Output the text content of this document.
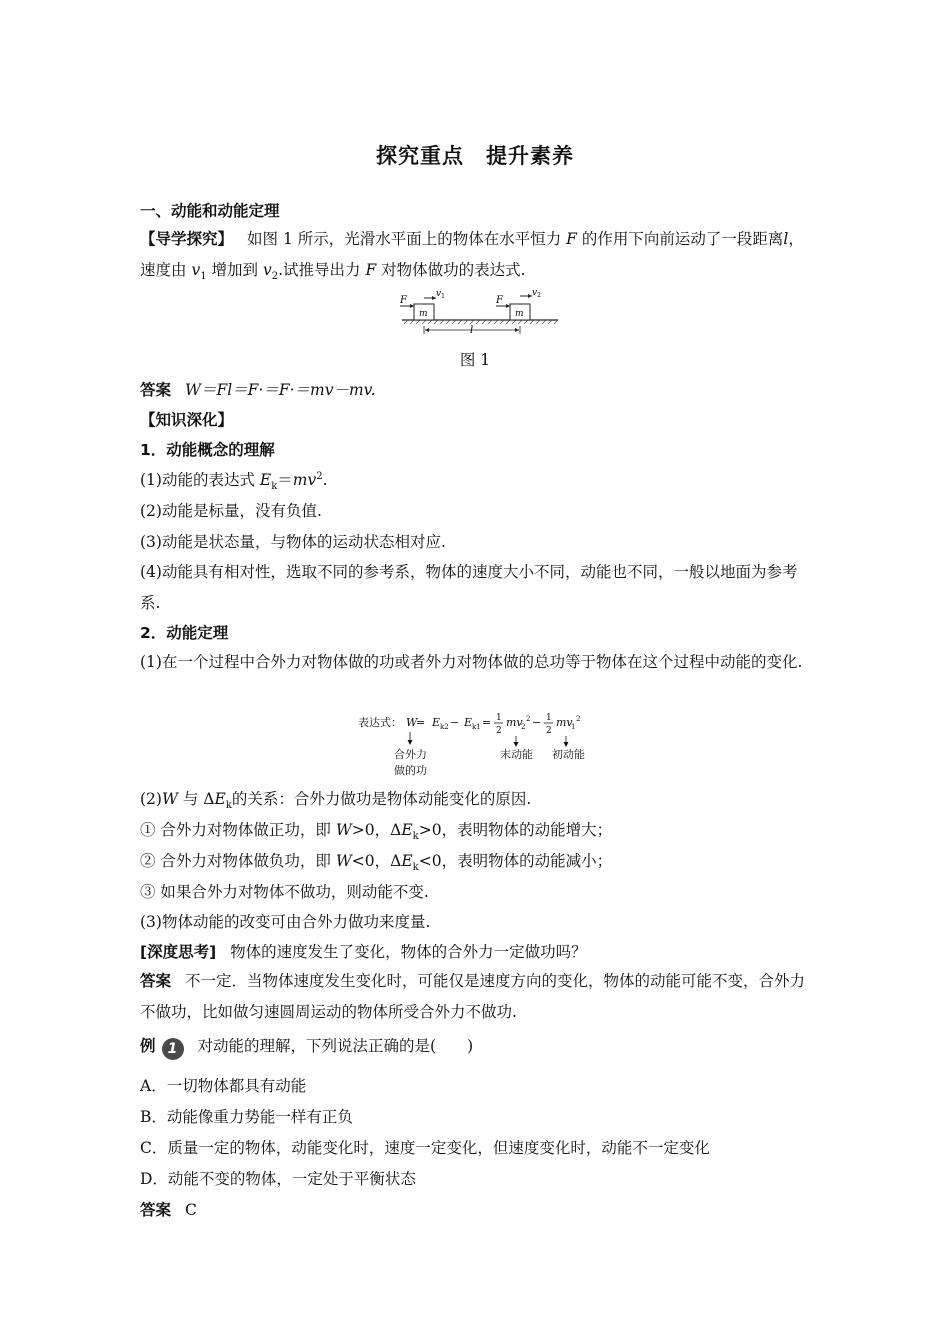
探究重点　提升素养
一、动能和动能定理
【导学探究】 如图 1 所示，光滑水平面上的物体在水平恒力 F 的作用下向前运动了一段距离l，速度由 $v_1$ 增加到 $v_2$.试推导出力 F 对物体做功的表达式.
F	F
m	m
$v_1$	$v_2$
l
图 1
答案 W＝Fl＝F·＝F·＝mv－mv.
【知识深化】
1．动能概念的理解
(1)动能的表达式 $E_k=mv^2$.
(2)动能是标量，没有负值.
(3)动能是状态量，与物体的运动状态相对应.
(4)动能具有相对性，选取不同的参考系，物体的速度大小不同，动能也不同，一般以地面为参考系.
2．动能定理
(1)在一个过程中合外力对物体做的功或者外力对物体做的总功等于物体在这个过程中动能的变化.
表达式： W
= E k2 − E k1 = 1
2
mv
2
2 − 1
2
mv
1
2
合外力
做的功
末动能 初动能
(2)W 与 $\Delta E_k$的关系：合外力做功是物体动能变化的原因.
① 合外力对物体做正功，即 W>0，$\Delta E_k>0$，表明物体的动能增大；
② 合外力对物体做负功，即 W<0，$\Delta E_k<0$，表明物体的动能减小；
③ 如果合外力对物体不做功，则动能不变.
(3)物体动能的改变可由合外力做功来度量.
[深度思考] 物体的速度发生了变化，物体的合外力一定做功吗？
答案 不一定．当物体速度发生变化时，可能仅是速度方向的变化，物体的动能可能不变，合外力不做功，比如做匀速圆周运动的物体所受合外力不做功.
例 1 对动能的理解，下列说法正确的是(　　)
A．一切物体都具有动能
B．动能像重力势能一样有正负
C．质量一定的物体，动能变化时，速度一定变化，但速度变化时，动能不一定变化
D．动能不变的物体，一定处于平衡状态
答案 C
